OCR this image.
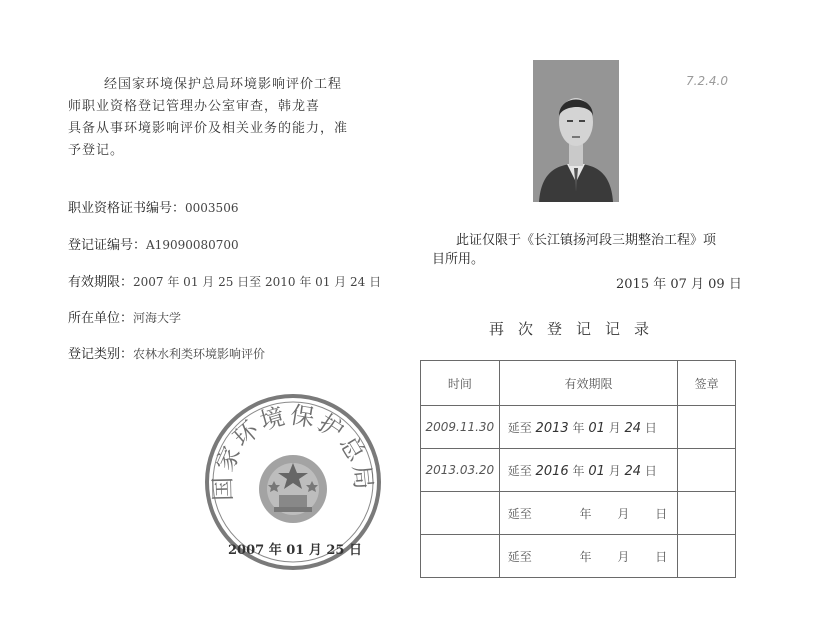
经国家环境保护总局环境影响评价工程
师职业资格登记管理办公室审查，韩龙喜
具备从事环境影响评价及相关业务的能力，准
予登记。
职业资格证书编号：0003506
登记证编号：A19090080700
有效期限：2007 年 01 月 25 日至 2010 年 01 月 24 日
所在单位：河海大学
登记类别：农林水利类环境影响评价
国家环境保护总局
2007 年 01 月 25 日
7.2.4.0
此证仅限于《长江镇扬河段三期整治工程》项
目所用。
2015 年 07 月 09 日
再次登记记录
时间	有效期限	签章
2009.11.30	延至 2013 年 01 月 24 日	
2013.03.20	延至 2016 年 01 月 24 日	
	延至 年 月 日	
	延至 年 月 日	
